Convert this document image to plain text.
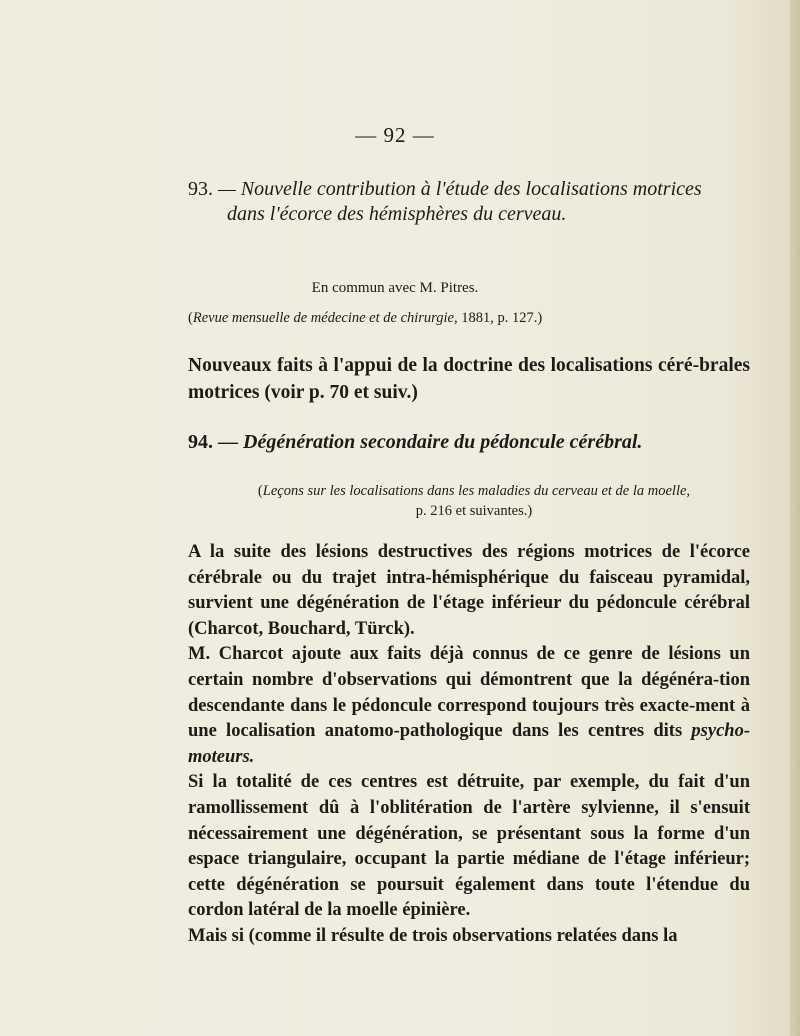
— 92 —
93. — Nouvelle contribution à l'étude des localisations motrices
dans l'écorce des hémisphères du cerveau.
En commun avec M. Pitres.
(Revue mensuelle de médecine et de chirurgie, 1881, p. 127.)

Nouveaux faits à l'appui de la doctrine des localisations céré-brales motrices (voir p. 70 et suiv.)

94. — Dégénération secondaire du pédoncule cérébral.
(Leçons sur les localisations dans les maladies du cerveau et de la moelle,
p. 216 et suivantes.)
A la suite des lésions destructives des régions motrices de l'écorce cérébrale ou du trajet intra-hémisphérique du faisceau pyramidal, survient une dégénération de l'étage inférieur du pédoncule cérébral (Charcot, Bouchard, Türck).
M. Charcot ajoute aux faits déjà connus de ce genre de lésions un certain nombre d'observations qui démontrent que la dégénéra-tion descendante dans le pédoncule correspond toujours très exacte-ment à une localisation anatomo-pathologique dans les centres dits psycho-moteurs.
Si la totalité de ces centres est détruite, par exemple, du fait d'un ramollissement dû à l'oblitération de l'artère sylvienne, il s'ensuit nécessairement une dégénération, se présentant sous la forme d'un espace triangulaire, occupant la partie médiane de l'étage inférieur; cette dégénération se poursuit également dans toute l'étendue du cordon latéral de la moelle épinière.
Mais si (comme il résulte de trois observations relatées dans la
